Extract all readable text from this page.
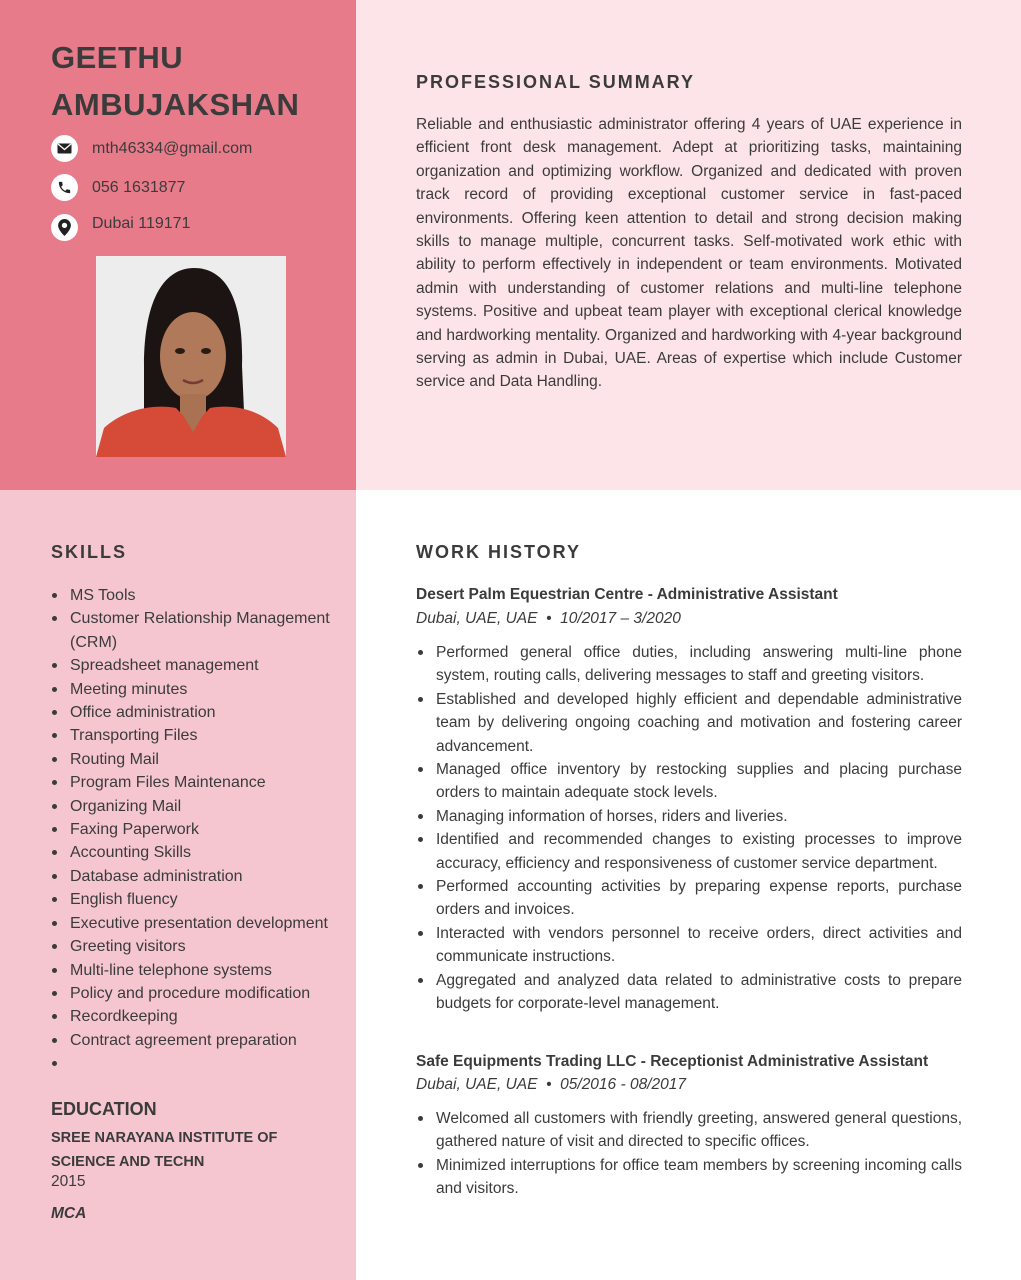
GEETHU
AMBUJAKSHAN
mth46334@gmail.com
056 1631877
Dubai 119171
PROFESSIONAL SUMMARY

Reliable and enthusiastic administrator offering 4 years of UAE experience in efficient front desk management. Adept at prioritizing tasks, maintaining organization and optimizing workflow. Organized and dedicated with proven track record of providing exceptional customer service in fast-paced environments. Offering keen attention to detail and strong decision making skills to manage multiple, concurrent tasks. Self-motivated work ethic with ability to perform effectively in independent or team environments. Motivated admin with understanding of customer relations and multi-line telephone systems. Positive and upbeat team player with exceptional clerical knowledge and hardworking mentality. Organized and hardworking with 4-year background serving as admin in Dubai, UAE. Areas of expertise which include Customer service and Data Handling.

SKILLS
MS Tools
Customer Relationship Management (CRM)
Spreadsheet management
Meeting minutes
Office administration
Transporting Files
Routing Mail
Program Files Maintenance
Organizing Mail
Faxing Paperwork
Accounting Skills
Database administration
English fluency
Executive presentation development
Greeting visitors
Multi-line telephone systems
Policy and procedure modification
Recordkeeping
Contract agreement preparation
EDUCATION
SREE NARAYANA INSTITUTE OF SCIENCE AND TECHN
2015
MCA
WORK HISTORY
Desert Palm Equestrian Centre - Administrative Assistant
Dubai, UAE, UAE  •  10/2017 – 3/2020
Performed general office duties, including answering multi-line phone system, routing calls, delivering messages to staff and greeting visitors.
Established and developed highly efficient and dependable administrative team by delivering ongoing coaching and motivation and fostering career advancement.
Managed office inventory by restocking supplies and placing purchase orders to maintain adequate stock levels.
Managing information of horses, riders and liveries.
Identified and recommended changes to existing processes to improve accuracy, efficiency and responsiveness of customer service department.
Performed accounting activities by preparing expense reports, purchase orders and invoices.
Interacted with vendors personnel to receive orders, direct activities and communicate instructions.
Aggregated and analyzed data related to administrative costs to prepare budgets for corporate-level management.
Safe Equipments Trading LLC - Receptionist Administrative Assistant
Dubai, UAE, UAE  •  05/2016 - 08/2017
Welcomed all customers with friendly greeting, answered general questions, gathered nature of visit and directed to specific offices.
Minimized interruptions for office team members by screening incoming calls and visitors.
